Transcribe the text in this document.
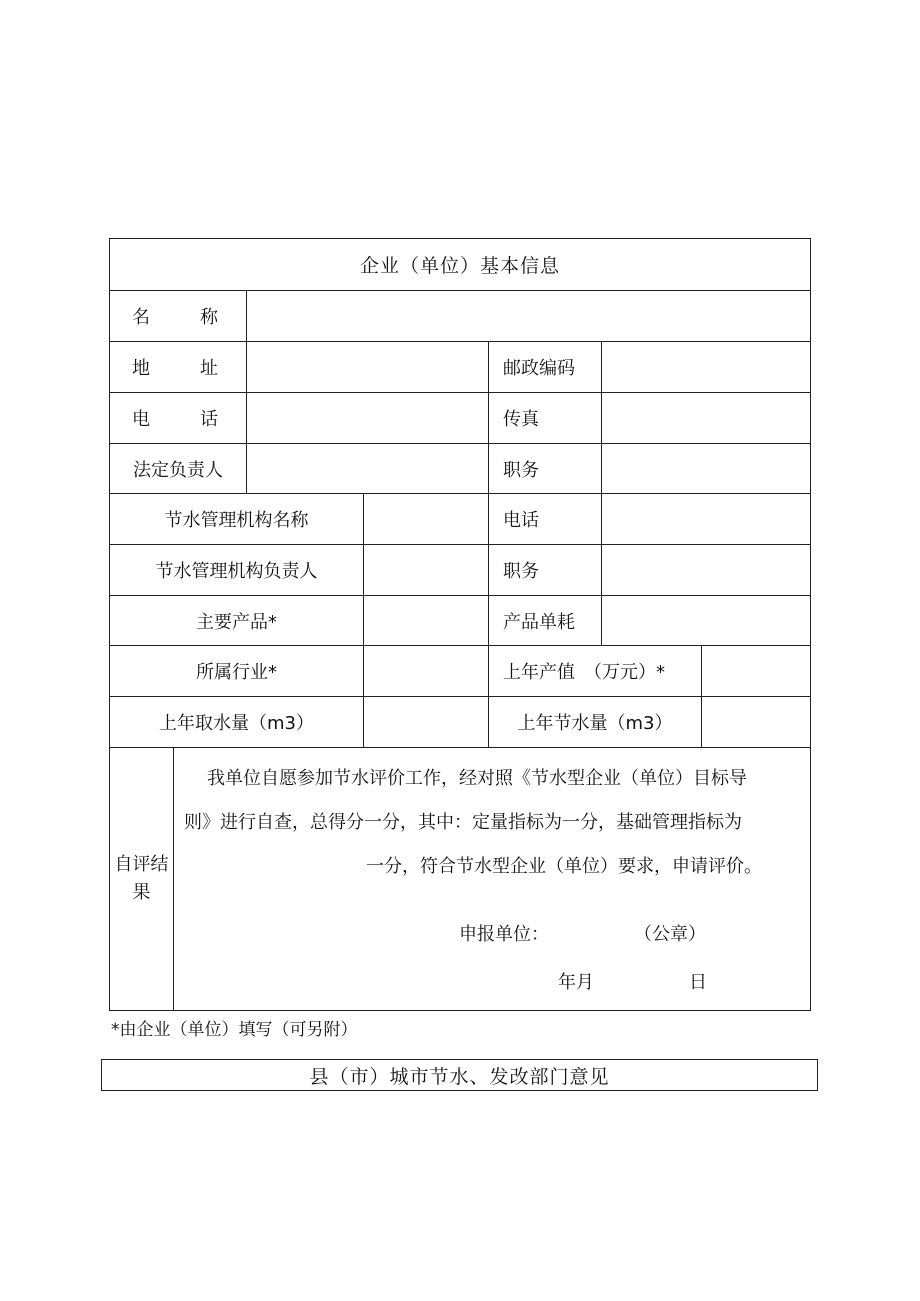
企业（单位）基本信息
名	称
地	址	邮政编码
电	话	传真
法定负责人	职务
节水管理机构名称	电话
节水管理机构负责人	职务
主要产品*	产品单耗
所属行业*	上年产值　（万元）*
上年取水量（m3）	上年节水量（m3）
自评结果
我单位自愿参加节水评价工作，经对照《节水型企业（单位）目标导
则》进行自查，总得分一分，其中：定量指标为一分，基础管理指标为
一分，符合节水型企业（单位）要求，申请评价。
申报单位：	（公章）
年月	日
*由企业（单位）填写（可另附）
县（市）城市节水、发改部门意见
